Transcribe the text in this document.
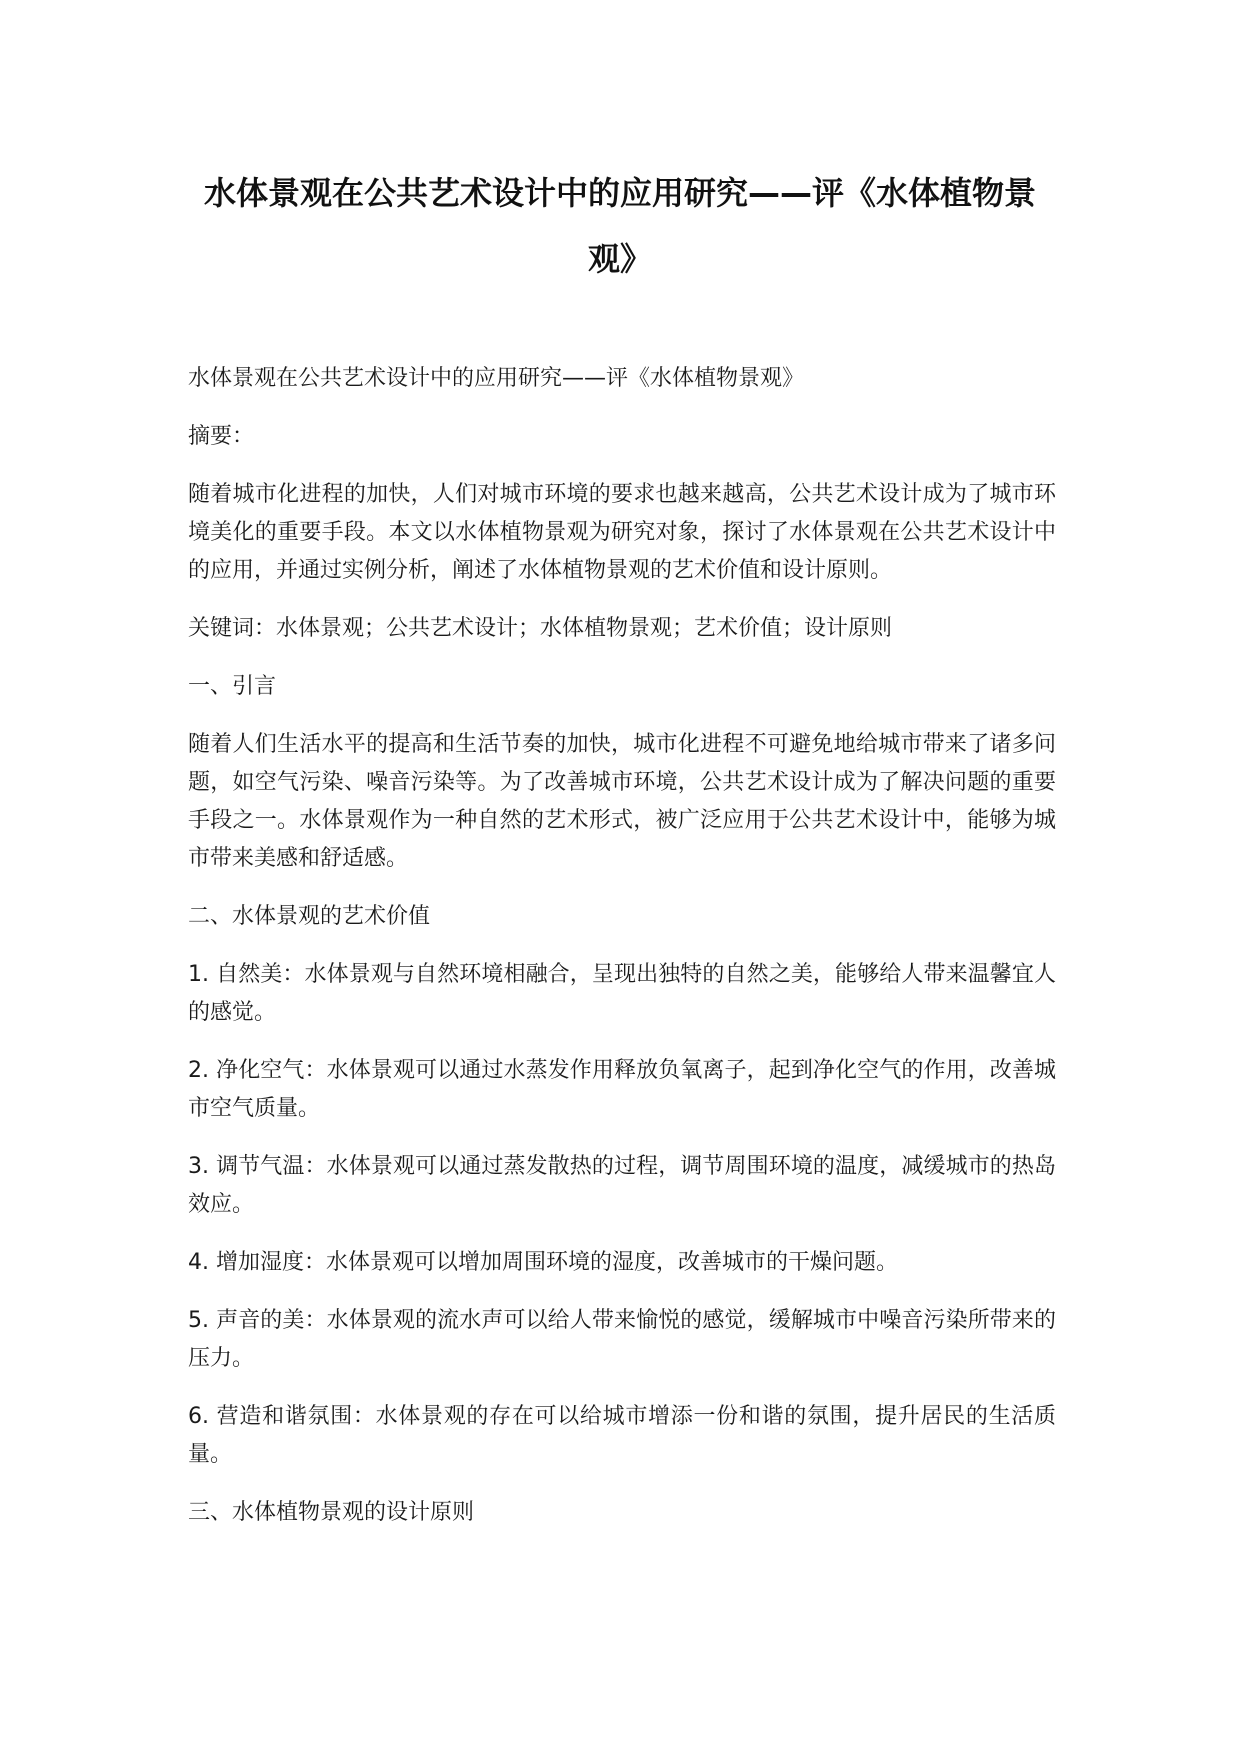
水体景观在公共艺术设计中的应用研究——评《水体植物景观》

水体景观在公共艺术设计中的应用研究——评《水体植物景观》

摘要：

随着城市化进程的加快，人们对城市环境的要求也越来越高，公共艺术设计成为了城市环境美化的重要手段。本文以水体植物景观为研究对象，探讨了水体景观在公共艺术设计中的应用，并通过实例分析，阐述了水体植物景观的艺术价值和设计原则。

关键词：水体景观；公共艺术设计；水体植物景观；艺术价值；设计原则

一、引言

随着人们生活水平的提高和生活节奏的加快，城市化进程不可避免地给城市带来了诸多问题，如空气污染、噪音污染等。为了改善城市环境，公共艺术设计成为了解决问题的重要手段之一。水体景观作为一种自然的艺术形式，被广泛应用于公共艺术设计中，能够为城市带来美感和舒适感。

二、水体景观的艺术价值

1. 自然美：水体景观与自然环境相融合，呈现出独特的自然之美，能够给人带来温馨宜人的感觉。

2. 净化空气：水体景观可以通过水蒸发作用释放负氧离子，起到净化空气的作用，改善城市空气质量。

3. 调节气温：水体景观可以通过蒸发散热的过程，调节周围环境的温度，减缓城市的热岛效应。

4. 增加湿度：水体景观可以增加周围环境的湿度，改善城市的干燥问题。

5. 声音的美：水体景观的流水声可以给人带来愉悦的感觉，缓解城市中噪音污染所带来的压力。

6. 营造和谐氛围：水体景观的存在可以给城市增添一份和谐的氛围，提升居民的生活质量。

三、水体植物景观的设计原则
